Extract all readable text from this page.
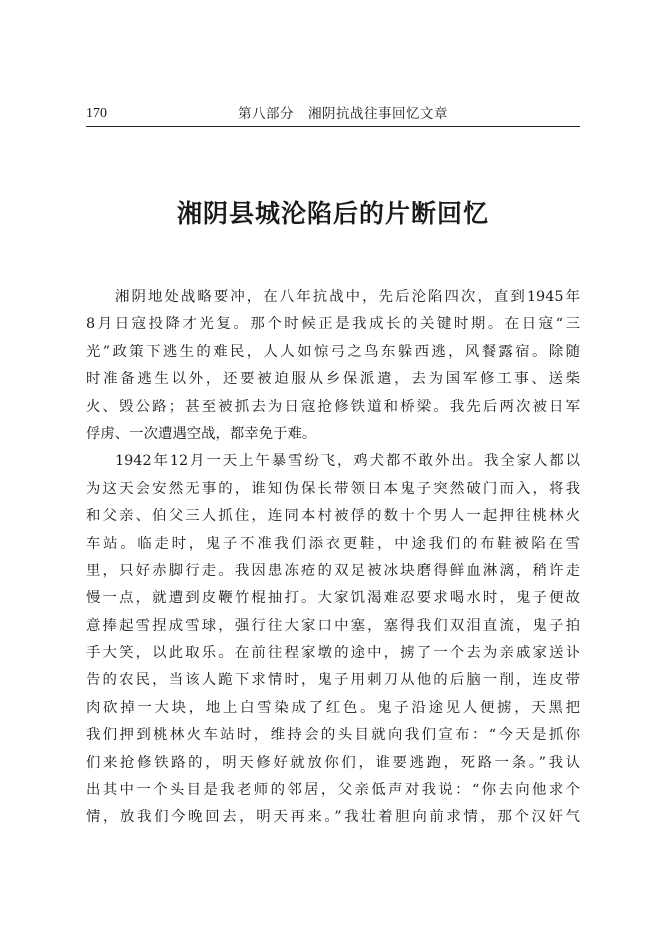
170	第八部分　湘阴抗战往事回忆文章
湘阴县城沦陷后的片断回忆
湘阴地处战略要冲，在八年抗战中，先后沦陷四次，直到1945年
8月日寇投降才光复。那个时候正是我成长的关键时期。在日寇“三
光”政策下逃生的难民，人人如惊弓之鸟东躲西逃，风餐露宿。除随
时准备逃生以外，还要被迫服从乡保派遣，去为国军修工事、送柴
火、毁公路；甚至被抓去为日寇抢修铁道和桥梁。我先后两次被日军
俘虏、一次遭遇空战，都幸免于难。
1942年12月一天上午暴雪纷飞，鸡犬都不敢外出。我全家人都以
为这天会安然无事的，谁知伪保长带领日本鬼子突然破门而入，将我
和父亲、伯父三人抓住，连同本村被俘的数十个男人一起押往桃林火
车站。临走时，鬼子不准我们添衣更鞋，中途我们的布鞋被陷在雪
里，只好赤脚行走。我因患冻疮的双足被冰块磨得鲜血淋漓，稍许走
慢一点，就遭到皮鞭竹棍抽打。大家饥渴难忍要求喝水时，鬼子便故
意捧起雪捏成雪球，强行往大家口中塞，塞得我们双泪直流，鬼子拍
手大笑，以此取乐。在前往程家墩的途中，掳了一个去为亲戚家送讣
告的农民，当该人跪下求情时，鬼子用刺刀从他的后脑一削，连皮带
肉砍掉一大块，地上白雪染成了红色。鬼子沿途见人便掳，天黑把
我们押到桃林火车站时，维持会的头目就向我们宣布：“今天是抓你
们来抢修铁路的，明天修好就放你们，谁要逃跑，死路一条。”我认
出其中一个头目是我老师的邻居，父亲低声对我说：“你去向他求个
情，放我们今晚回去，明天再来。”我壮着胆向前求情，那个汉奸气
